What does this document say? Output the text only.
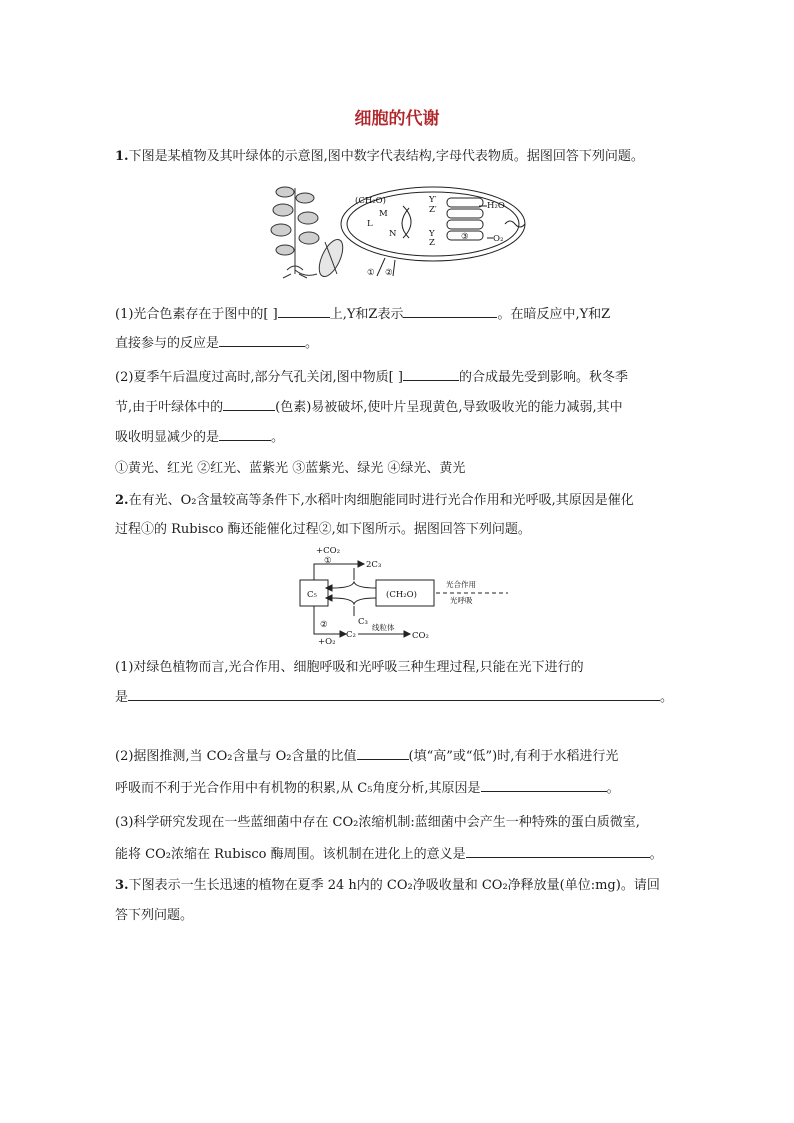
细胞的代谢
1.下图是某植物及其叶绿体的示意图,图中数字代表结构,字母代表物质。据图回答下列问题。
(CH₂O)
M
L
N
Y′
Z′
Y
Z
H₂O
O₂
③
① ②
(1)光合色素存在于图中的[ ]	上,Y和Z表示	。在暗反应中,Y和Z
直接参与的反应是	。
(2)夏季午后温度过高时,部分气孔关闭,图中物质[ ]	的合成最先受到影响。秋冬季
节,由于叶绿体中的	(色素)易被破坏,使叶片呈现黄色,导致吸收光的能力减弱,其中
吸收明显减少的是	。
①黄光、红光 ②红光、蓝紫光 ③蓝紫光、绿光 ④绿光、黄光
2.在有光、O₂含量较高等条件下,水稻叶肉细胞能同时进行光合作用和光呼吸,其原因是催化
过程①的 Rubisco 酶还能催化过程②,如下图所示。据图回答下列问题。
+CO₂
①	2C₃
C₅	(CH₂O)
光合作用
光呼吸
②	C₃
+O₂
C₂
线粒体
CO₂
(1)对绿色植物而言,光合作用、细胞呼吸和光呼吸三种生理过程,只能在光下进行的
是	。
(2)据图推测,当 CO₂含量与 O₂含量的比值	(填“高”或“低”)时,有利于水稻进行光
呼吸而不利于光合作用中有机物的积累,从 C₅角度分析,其原因是	。
(3)科学研究发现在一些蓝细菌中存在 CO₂浓缩机制:蓝细菌中会产生一种特殊的蛋白质微室,
能将 CO₂浓缩在 Rubisco 酶周围。该机制在进化上的意义是	。
3.下图表示一生长迅速的植物在夏季 24 h内的 CO₂净吸收量和 CO₂净释放量(单位:mg)。请回
答下列问题。
